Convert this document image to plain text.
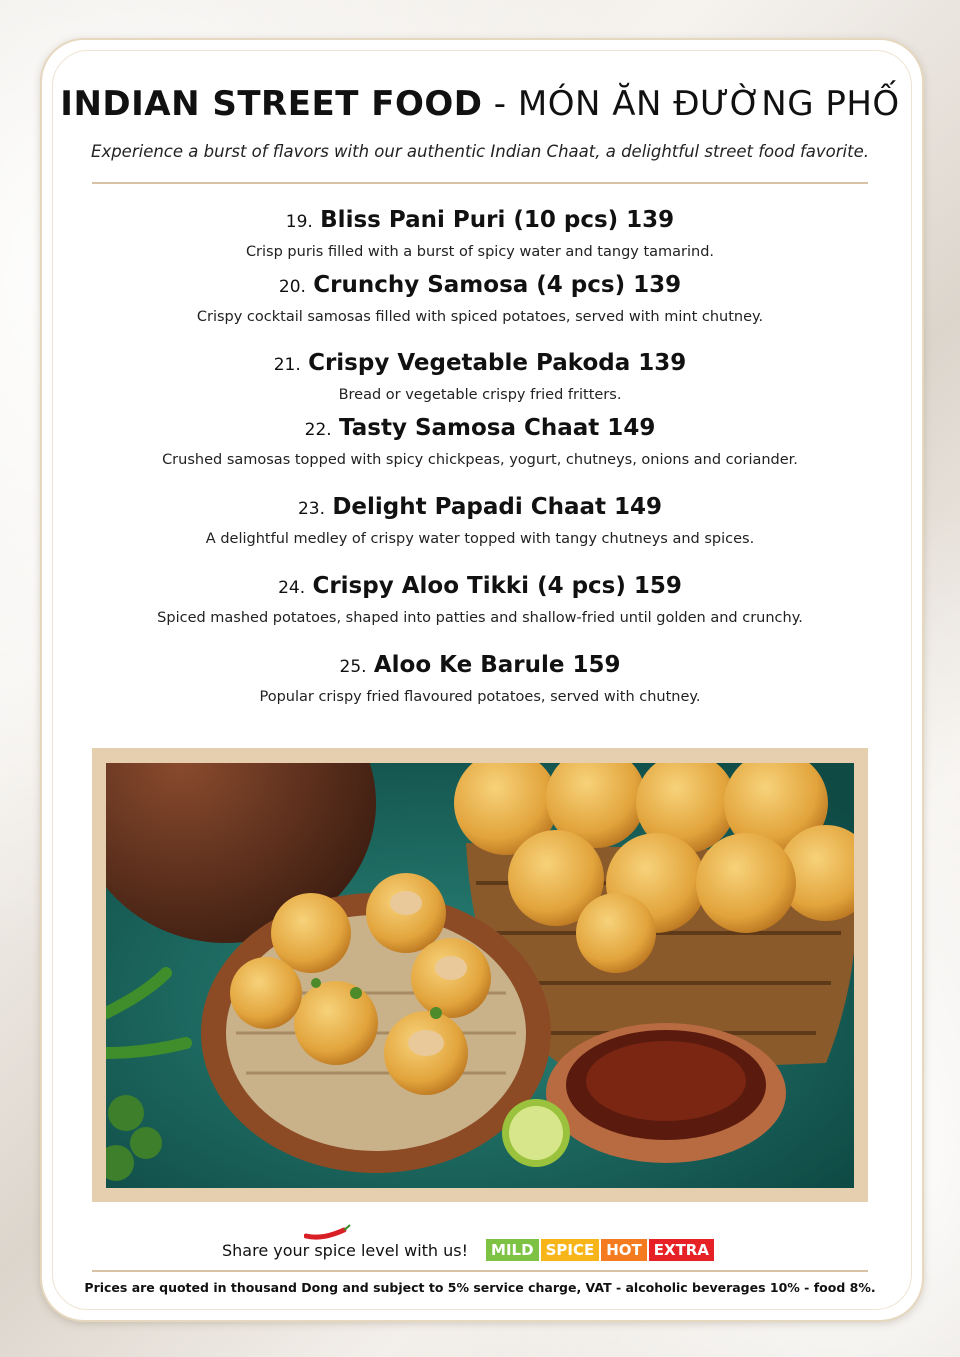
INDIAN STREET FOOD - MÓN ĂN ĐƯỜNG PHỐ
Experience a burst of flavors with our authentic Indian Chaat, a delightful street food favorite.
19. Bliss Pani Puri (10 pcs) 139
Crisp puris filled with a burst of spicy water and tangy tamarind.
20. Crunchy Samosa (4 pcs) 139
Crispy cocktail samosas filled with spiced potatoes, served with mint chutney.
21. Crispy Vegetable Pakoda 139
Bread or vegetable crispy fried fritters.
22. Tasty Samosa Chaat 149
Crushed samosas topped with spicy chickpeas, yogurt, chutneys, onions and coriander.
23. Delight Papadi Chaat 149
A delightful medley of crispy water topped with tangy chutneys and spices.
24. Crispy Aloo Tikki (4 pcs) 159
Spiced mashed potatoes, shaped into patties and shallow-fried until golden and crunchy.
25. Aloo Ke Barule 159
Popular crispy fried flavoured potatoes, served with chutney.
Share your spice level with us!	MILD SPICE HOT EXTRA
Prices are quoted in thousand Dong and subject to 5% service charge, VAT - alcoholic beverages 10% - food 8%.
